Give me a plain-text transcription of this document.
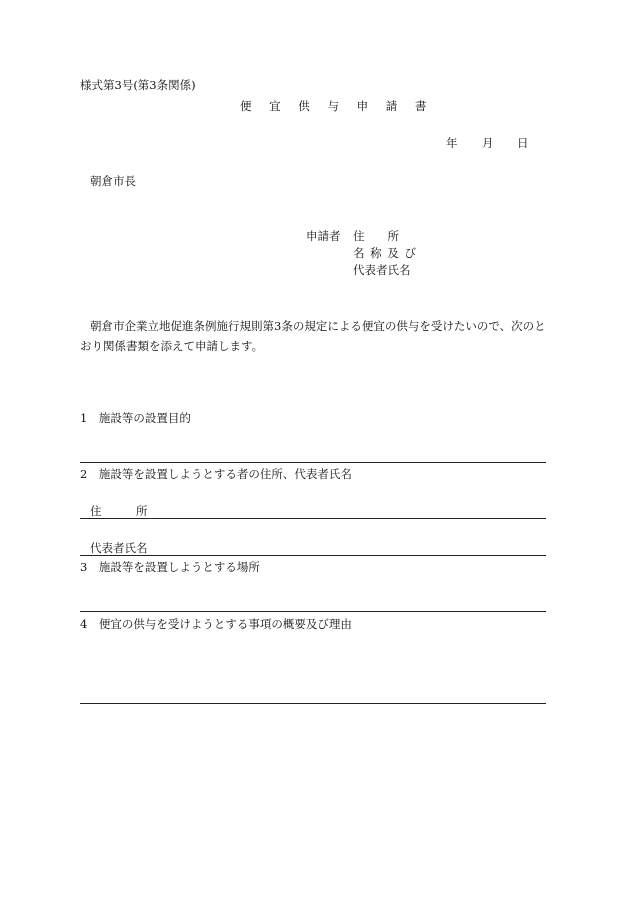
様式第3号(第3条関係)
便 宜 供 与 申 請 書
年 月 日
朝倉市長
申請者 住　　所
名 称 及 び
代表者氏名
朝倉市企業立地促進条例施行規則第3条の規定による便宜の供与を受けたいので、次のと
おり関係書類を添えて申請します。
1　施設等の設置目的
2　施設等を設置しようとする者の住所、代表者氏名
住　　　所
代表者氏名
3　施設等を設置しようとする場所
4　便宜の供与を受けようとする事項の概要及び理由
